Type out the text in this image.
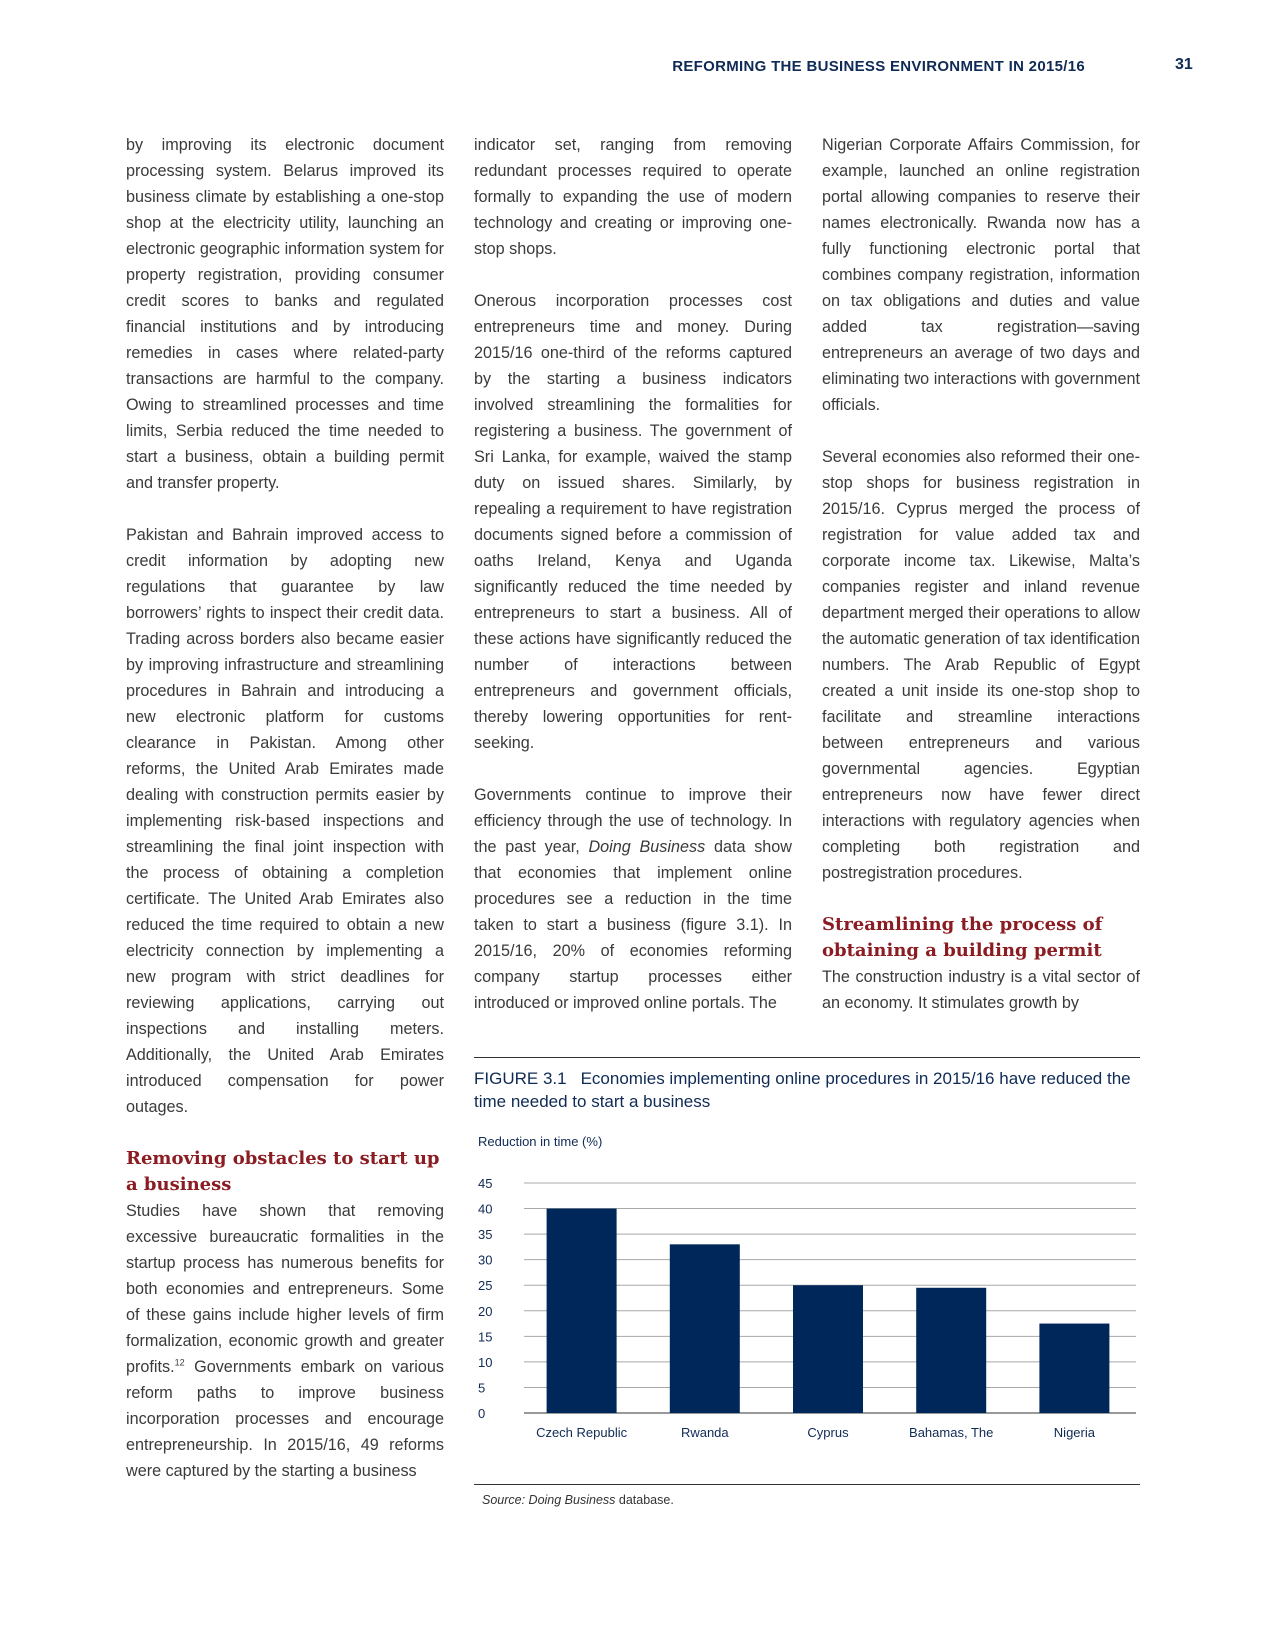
REFORMING THE BUSINESS ENVIRONMENT IN 2015/16	31

by improving its electronic document processing system. Belarus improved its business climate by establishing a one-stop shop at the electricity utility, launching an electronic geographic information system for property registration, providing consumer credit scores to banks and regulated financial institutions and by introducing remedies in cases where related-party transactions are harmful to the company. Owing to streamlined processes and time limits, Serbia reduced the time needed to start a business, obtain a building permit and transfer property.

Pakistan and Bahrain improved access to credit information by adopting new regulations that guarantee by law borrowers’ rights to inspect their credit data. Trading across borders also became easier by improving infrastructure and streamlining procedures in Bahrain and introducing a new electronic platform for customs clearance in Pakistan. Among other reforms, the United Arab Emirates made dealing with construction permits easier by implementing risk-based inspections and streamlining the final joint inspection with the process of obtaining a completion certificate. The United Arab Emirates also reduced the time required to obtain a new electricity connection by implementing a new program with strict deadlines for reviewing applications, carrying out inspections and installing meters. Additionally, the United Arab Emirates introduced compensation for power outages.

Removing obstacles to start up a business

Studies have shown that removing excessive bureaucratic formalities in the startup process has numerous benefits for both economies and entrepreneurs. Some of these gains include higher levels of firm formalization, economic growth and greater profits.$^{12}$ Governments embark on various reform paths to improve business incorporation processes and encourage entrepreneurship. In 2015/16, 49 reforms were captured by the starting a business

indicator set, ranging from removing redundant processes required to operate formally to expanding the use of modern technology and creating or improving one-stop shops.

Onerous incorporation processes cost entrepreneurs time and money. During 2015/16 one-third of the reforms captured by the starting a business indicators involved streamlining the formalities for registering a business. The government of Sri Lanka, for example, waived the stamp duty on issued shares. Similarly, by repealing a requirement to have registration documents signed before a commission of oaths Ireland, Kenya and Uganda significantly reduced the time needed by entrepreneurs to start a business. All of these actions have significantly reduced the number of interactions between entrepreneurs and government officials, thereby lowering opportunities for rent-seeking.

Governments continue to improve their efficiency through the use of technology. In the past year, Doing Business data show that economies that implement online procedures see a reduction in the time taken to start a business (figure 3.1). In 2015/16, 20% of economies reforming company startup processes either introduced or improved online portals. The

Nigerian Corporate Affairs Commission, for example, launched an online registration portal allowing companies to reserve their names electronically. Rwanda now has a fully functioning electronic portal that combines company registration, information on tax obligations and duties and value added tax registration—saving entrepreneurs an average of two days and eliminating two interactions with government officials.

Several economies also reformed their one-stop shops for business registration in 2015/16. Cyprus merged the process of registration for value added tax and corporate income tax. Likewise, Malta’s companies register and inland revenue department merged their operations to allow the automatic generation of tax identification numbers. The Arab Republic of Egypt created a unit inside its one-stop shop to facilitate and streamline interactions between entrepreneurs and various governmental agencies. Egyptian entrepreneurs now have fewer direct interactions with regulatory agencies when completing both registration and postregistration procedures.

Streamlining the process of obtaining a building permit

The construction industry is a vital sector of an economy. It stimulates growth by

FIGURE 3.1 Economies implementing online procedures in 2015/16 have reduced the time needed to start a business
Reduction in time (%)
0
5
10
15
20
25
30
35
40
45
Czech Republic	Rwanda	Cyprus	Bahamas, The	Nigeria
Source: Doing Business database.
